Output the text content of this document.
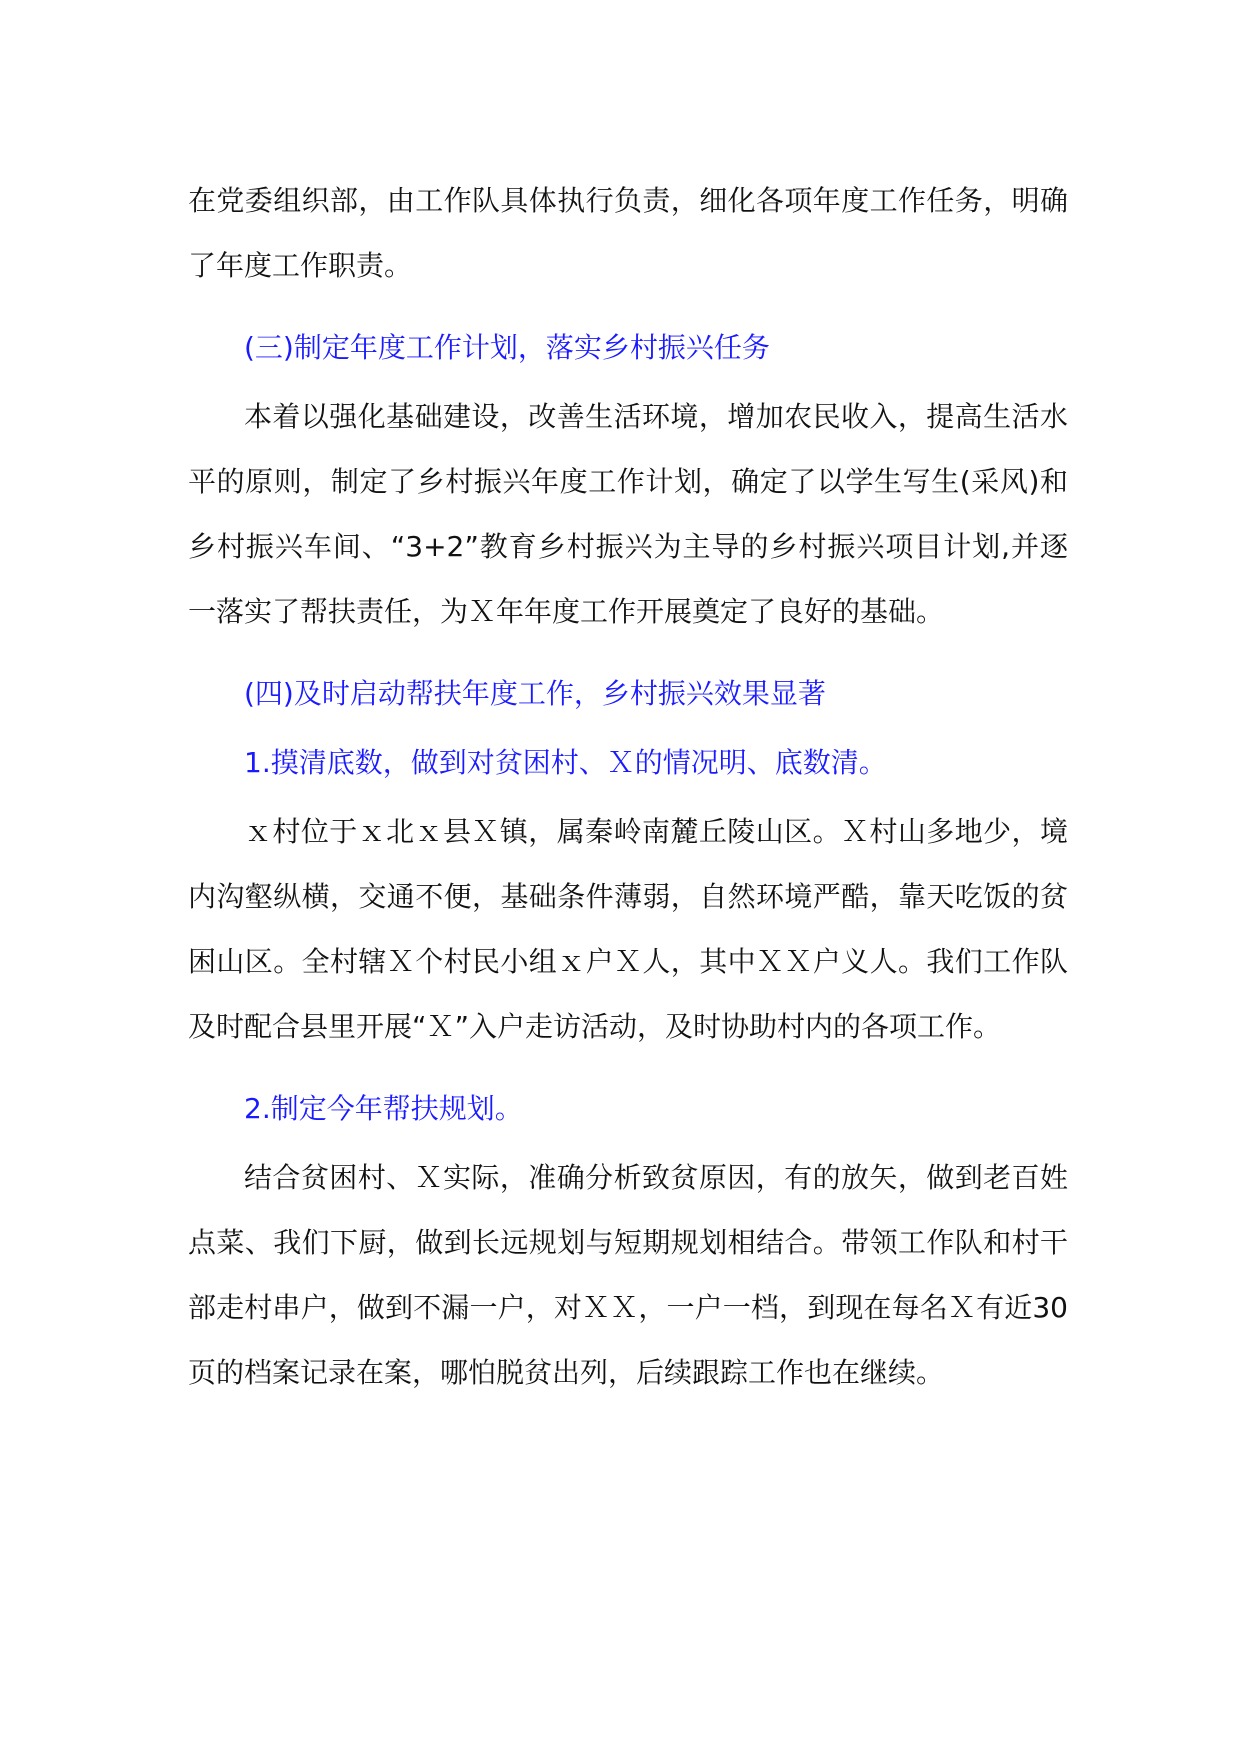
在党委组织部，由工作队具体执行负责，细化各项年度工作任务，明确了年度工作职责。

(三)制定年度工作计划，落实乡村振兴任务

本着以强化基础建设，改善生活环境，增加农民收入，提高生活水平的原则，制定了乡村振兴年度工作计划，确定了以学生写生(采风)和乡村振兴车间、“3+2”教育乡村振兴为主导的乡村振兴项目计划,并逐一落实了帮扶责任，为Ｘ年年度工作开展奠定了良好的基础。

(四)及时启动帮扶年度工作，乡村振兴效果显著

1.摸清底数，做到对贫困村、Ｘ的情况明、底数清。

ｘ村位于ｘ北ｘ县Ｘ镇，属秦岭南麓丘陵山区。Ｘ村山多地少，境内沟壑纵横，交通不便，基础条件薄弱，自然环境严酷，靠天吃饭的贫困山区。全村辖Ｘ个村民小组ｘ户Ｘ人，其中ＸＸ户义人。我们工作队及时配合县里开展“Ｘ”入户走访活动，及时协助村内的各项工作。

2.制定今年帮扶规划。

结合贫困村、Ｘ实际，准确分析致贫原因，有的放矢，做到老百姓点菜、我们下厨，做到长远规划与短期规划相结合。带领工作队和村干部走村串户，做到不漏一户，对ＸＸ，一户一档，到现在每名Ｘ有近30页的档案记录在案，哪怕脱贫出列，后续跟踪工作也在继续。
